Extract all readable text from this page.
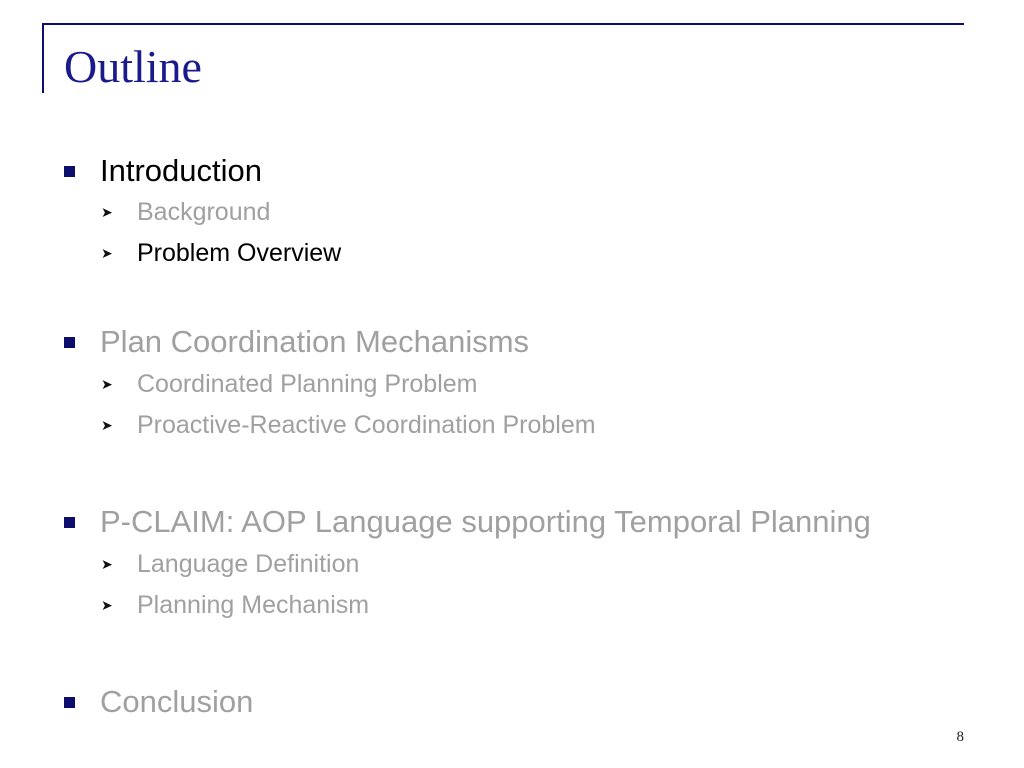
Outline
Introduction
➤ Background
➤ Problem Overview
Plan Coordination Mechanisms
➤ Coordinated Planning Problem
➤ Proactive-Reactive Coordination Problem
P-CLAIM: AOP Language supporting Temporal Planning
➤ Language Definition
➤ Planning Mechanism
Conclusion
8
